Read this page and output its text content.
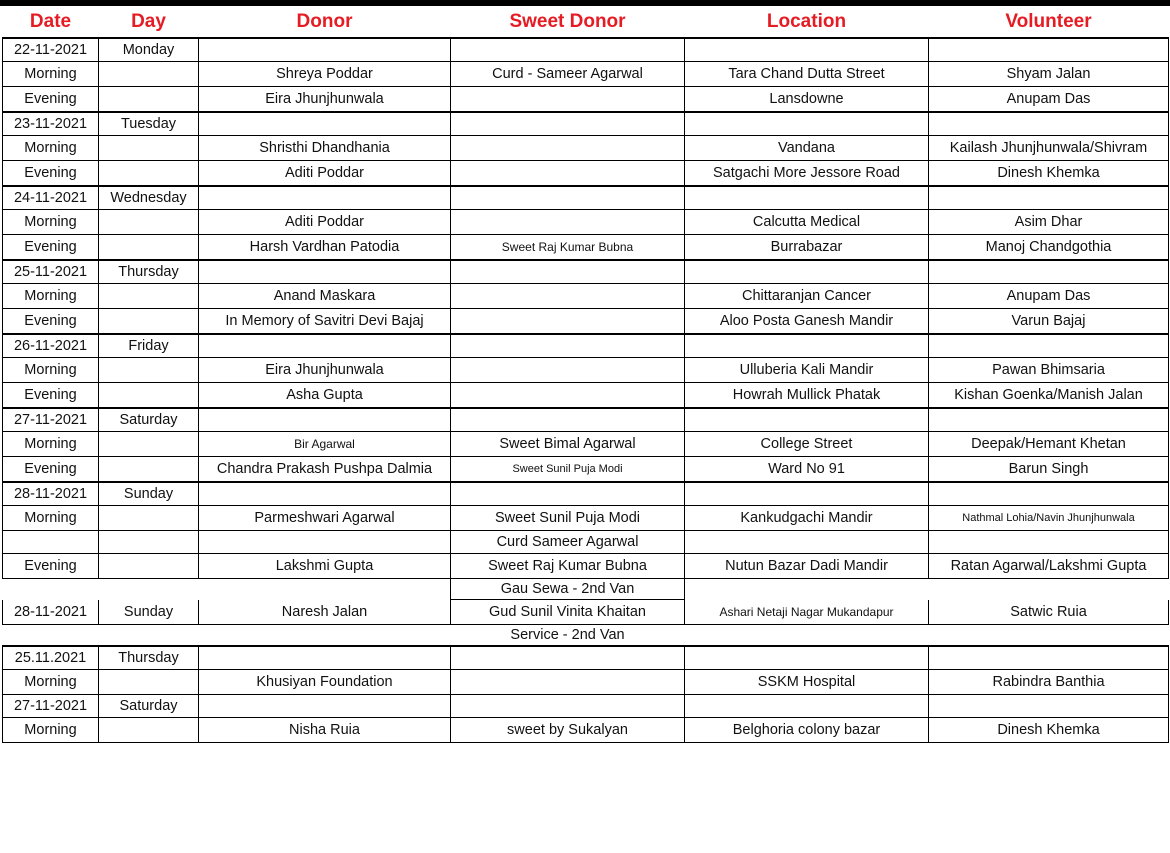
Date	Day	Donor	Sweet Donor	Location	Volunteer
22-11-2021	Monday				
Morning		Shreya Poddar	Curd - Sameer Agarwal	Tara Chand Dutta Street	Shyam Jalan
Evening		Eira Jhunjhunwala		Lansdowne	Anupam Das
23-11-2021	Tuesday				
Morning		Shristhi Dhandhania		Vandana	Kailash Jhunjhunwala/Shivram
Evening		Aditi Poddar		Satgachi More Jessore Road	Dinesh Khemka
24-11-2021	Wednesday				
Morning		Aditi Poddar		Calcutta Medical	Asim Dhar
Evening		Harsh Vardhan Patodia	Sweet Raj Kumar Bubna	Burrabazar	Manoj Chandgothia
25-11-2021	Thursday				
Morning		Anand Maskara		Chittaranjan Cancer	Anupam Das
Evening		In Memory of Savitri Devi Bajaj		Aloo Posta Ganesh Mandir	Varun Bajaj
26-11-2021	Friday				
Morning		Eira Jhunjhunwala		Ulluberia Kali Mandir	Pawan Bhimsaria
Evening		Asha Gupta		Howrah Mullick Phatak	Kishan Goenka/Manish Jalan
27-11-2021	Saturday				
Morning		Bir Agarwal	Sweet Bimal Agarwal	College Street	Deepak/Hemant Khetan
Evening		Chandra Prakash Pushpa Dalmia	Sweet Sunil Puja Modi	Ward No 91	Barun Singh
28-11-2021	Sunday				
Morning		Parmeshwari Agarwal	Sweet Sunil Puja Modi	Kankudgachi Mandir	Nathmal Lohia/Navin Jhunjhunwala
			Curd Sameer Agarwal		
Evening		Lakshmi Gupta	Sweet Raj Kumar Bubna	Nutun Bazar Dadi Mandir	Ratan Agarwal/Lakshmi Gupta
			Gau Sewa - 2nd Van		
28-11-2021	Sunday	Naresh Jalan	Gud Sunil Vinita Khaitan	Ashari Netaji Nagar Mukandapur	Satwic Ruia
			Service - 2nd Van		
25.11.2021	Thursday				
Morning		Khusiyan Foundation		SSKM Hospital	Rabindra Banthia
27-11-2021	Saturday				
Morning		Nisha Ruia	sweet by Sukalyan	Belghoria colony bazar	Dinesh Khemka
